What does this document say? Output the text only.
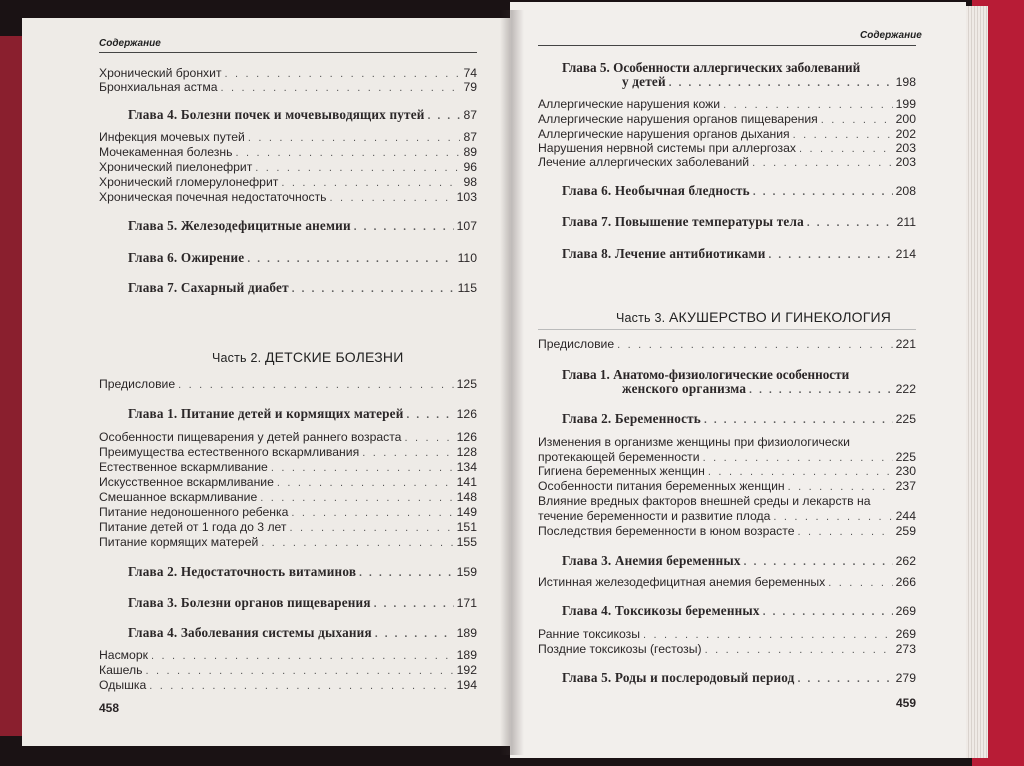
Содержание
Хронический бронхит . . .	74
Бронхиальная астма . . .	79
Глава 4. Болезни почек и мочевыводящих путей . . .	87
Инфекция мочевых путей . . .	87
Мочекаменная болезнь . . .	89
Хронический пиелонефрит . . .	96
Хронический гломерулонефрит . . .	98
Хроническая почечная недостаточность . . .	103
Глава 5. Железодефицитные анемии . . .	107
Глава 6. Ожирение . . .	110
Глава 7. Сахарный диабет . . .	115
Часть 2. ДЕТСКИЕ БОЛЕЗНИ
Предисловие . . .	125
Глава 1. Питание детей и кормящих матерей . . .	126
Особенности пищеварения у детей раннего возраста . . .	126
Преимущества естественного вскармливания . . .	128
Естественное вскармливание . . .	134
Искусственное вскармливание . . .	141
Смешанное вскармливание . . .	148
Питание недоношенного ребенка . . .	149
Питание детей от 1 года до 3 лет . . .	151
Питание кормящих матерей . . .	155
Глава 2. Недостаточность витаминов . . .	159
Глава 3. Болезни органов пищеварения . . .	171
Глава 4. Заболевания системы дыхания . . .	189
Насморк . . .	189
Кашель . . .	192
Одышка . . .	194
458
Содержание
Глава 5. Особенности аллергических заболеваний
у детей . . .	198
Аллергические нарушения кожи . . .	199
Аллергические нарушения органов пищеварения . . .	200
Аллергические нарушения органов дыхания . . .	202
Нарушения нервной системы при аллергозах . . .	203
Лечение аллергических заболеваний . . .	203
Глава 6. Необычная бледность . . .	208
Глава 7. Повышение температуры тела . . .	211
Глава 8. Лечение антибиотиками . . .	214
Часть 3. АКУШЕРСТВО И ГИНЕКОЛОГИЯ
Предисловие . . .	221
Глава 1. Анатомо-физиологические особенности
женского организма . . .	222
Глава 2. Беременность . . .	225
Изменения в организме женщины при физиологически
протекающей беременности . . .	225
Гигиена беременных женщин . . .	230
Особенности питания беременных женщин . . .	237
Влияние вредных факторов внешней среды и лекарств на
течение беременности и развитие плода . . .	244
Последствия беременности в юном возрасте . . .	259
Глава 3. Анемия беременных . . .	262
Истинная железодефицитная анемия беременных . . .	266
Глава 4. Токсикозы беременных . . .	269
Ранние токсикозы . . .	269
Поздние токсикозы (гестозы) . . .	273
Глава 5. Роды и послеродовый период . . .	279
459
